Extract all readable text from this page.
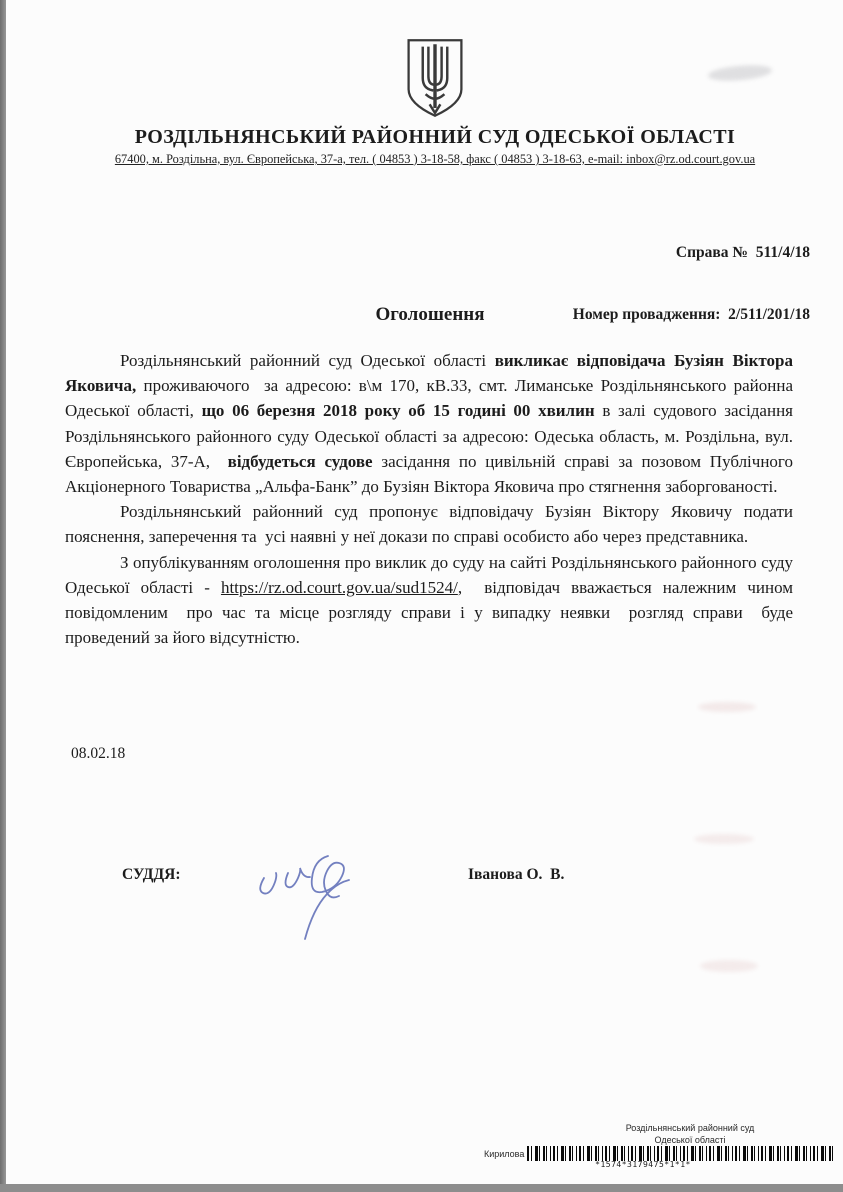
РОЗДІЛЬНЯНСЬКИЙ РАЙОННИЙ СУД ОДЕСЬКОЇ ОБЛАСТІ
67400, м. Роздільна, вул. Європейська, 37-а, тел. ( 04853 ) 3-18-58, факс ( 04853 ) 3-18-63, e-mail: inbox@rz.od.court.gov.ua

Справа №  511/4/18

Номер провадження:  2/511/201/18

Оголошення

Роздільнянський районний суд Одеської області викликає відповідача Бузіян Віктора Яковича, проживаючого  за адресою: в\м 170, кВ.33, смт. Лиманське Роздільнянського районна Одеської області, що 06 березня 2018 року об 15 годині 00 хвилин в залі судового засідання Роздільнянського районного суду Одеської області за адресою: Одеська область, м. Роздільна, вул. Європейська, 37-А,  відбудеться судове засідання по цивільній справі за позовом Публічного Акціонерного Товариства „Альфа-Банк” до Бузіян Віктора Яковича про стягнення заборгованості.

Роздільнянський районний суд пропонує відповідачу Бузіян Віктору Яковичу подати пояснення, заперечення та  усі наявні у неї докази по справі особисто або через представника.

З опублікуванням оголошення про виклик до суду на сайті Роздільнянського районного суду Одеської області - https://rz.od.court.gov.ua/sud1524/,  відповідач вважається належним чином повідомленим  про час та місце розгляду справи і у випадку неявки  розгляд справи  буде проведений за його відсутністю.

08.02.18
СУДДЯ:	Іванова О.  В.
Роздільнянський районний суд
Одеської області
Кирилова
*1574*3179475*1*1*
